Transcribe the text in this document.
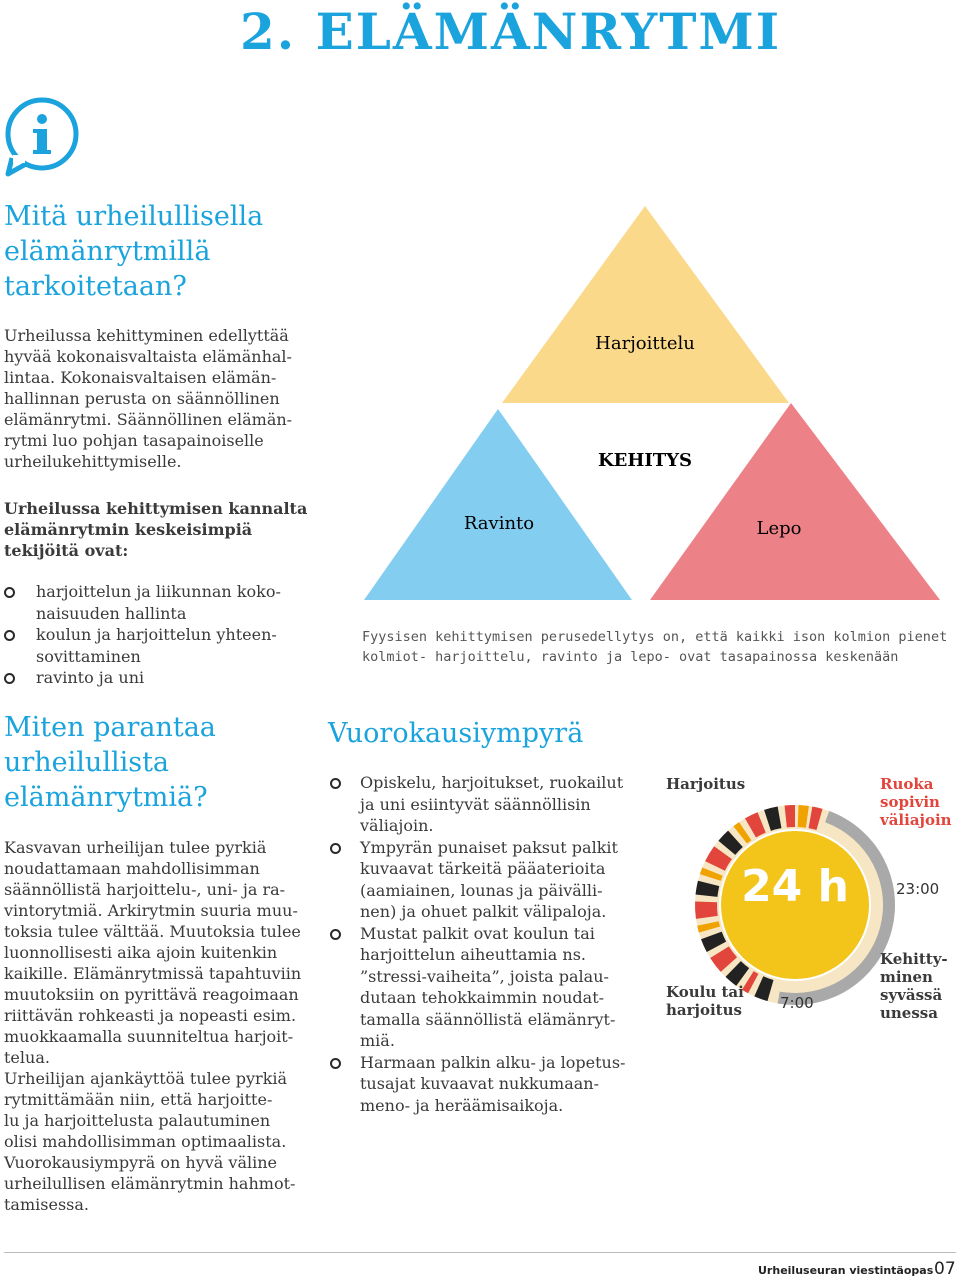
2. ELÄMÄNRYTMI

Mitä urheilullisella

elämänrytmillä

tarkoitetaan?

Urheilussa kehittyminen edellyttää

hyvää kokonaisvaltaista elämänhal-

lintaa. Kokonaisvaltaisen elämän-

hallinnan perusta on säännöllinen

elämänrytmi. Säännöllinen elämän-

rytmi luo pohjan tasapainoiselle

urheilukehittymiselle.

Urheilussa kehittymisen kannalta

elämänrytmin keskeisimpiä

tekijöitä ovat:

harjoittelun ja liikunnan koko-
naisuuden hallinta
koulun ja harjoittelun yhteen-
sovittaminen
ravinto ja uni
Harjoittelu
KEHITYS
Ravinto	Lepo
Fyysisen kehittymisen perusedellytys on, että kaikki ison kolmion pienet
kolmiot- harjoittelu, ravinto ja lepo- ovat tasapainossa keskenään

Miten parantaa

urheilullista

elämänrytmiä?

Kasvavan urheilijan tulee pyrkiä

noudattamaan mahdollisimman

säännöllistä harjoittelu-, uni- ja ra-

vintorytmiä. Arkirytmin suuria muu-

toksia tulee välttää. Muutoksia tulee

luonnollisesti aika ajoin kuitenkin

kaikille. Elämänrytmissä tapahtuviin

muutoksiin on pyrittävä reagoimaan

riittävän rohkeasti ja nopeasti esim.

muokkaamalla suunniteltua harjoit-

telua.

Urheilijan ajankäyttöä tulee pyrkiä

rytmittämään niin, että harjoitte-

lu ja harjoittelusta palautuminen

olisi mahdollisimman optimaalista.

Vuorokausiympyrä on hyvä väline

urheilullisen elämänrytmin hahmot-

tamisessa.

Vuorokausiympyrä

Opiskelu, harjoitukset, ruokailut
ja uni esiintyvät säännöllisin
väliajoin.
Ympyrän punaiset paksut palkit
kuvaavat tärkeitä pääaterioita
(aamiainen, lounas ja päivälli-
nen) ja ohuet palkit välipaloja.
Mustat palkit ovat koulun tai
harjoittelun aiheuttamia ns.
”stressi-vaiheita”, joista palau-
dutaan tehokkaimmin noudat-
tamalla säännöllistä elämänryt-
miä.
Harmaan palkin alku- ja lopetus-
tusajat kuvaavat nukkumaan-
meno- ja heräämisaikoja.
24 h
Harjoitus
Koulu tai
harjoitus
Ruoka
sopivin
väliajoin
23:00
7:00
Kehitty-
minen
syvässä
unessa
Urheiluseuran viestintäopas 07
